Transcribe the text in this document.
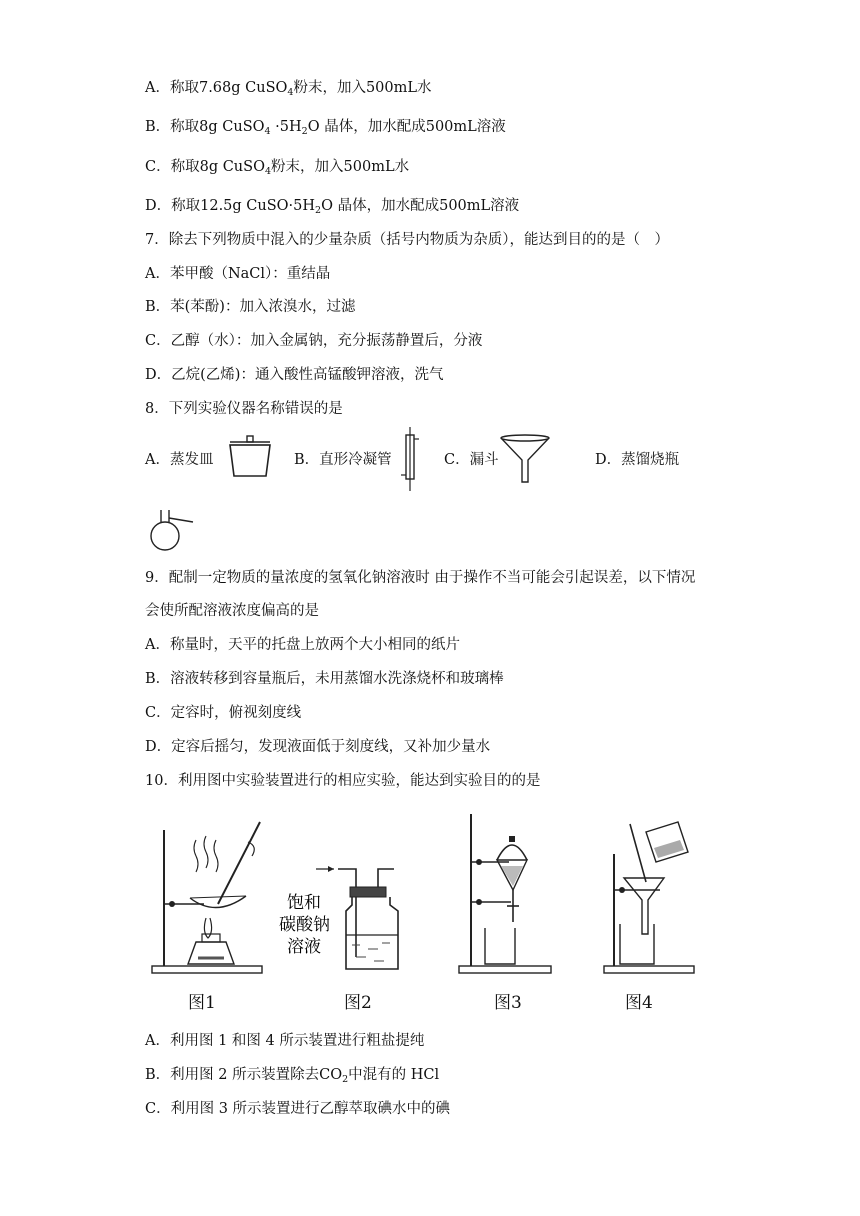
A．称取7.68g CuSO$_4$粉末，加入500mL水
B．称取8g CuSO$_4$ $\cdot 5H_2O$ 晶体，加水配成500mL溶液
C．称取8g CuSO$_4$粉末，加入500mL水
D．称取12.5g $CuSO\cdot 5H_2O$ 晶体，加水配成500mL溶液
7．除去下列物质中混入的少量杂质（括号内物质为杂质），能达到目的的是（　）
A．苯甲酸（NaCl）：重结晶
B．苯(苯酚)：加入浓溴水，过滤
C．乙醇（水）：加入金属钠，充分振荡静置后，分液
D．乙烷(乙烯)：通入酸性高锰酸钾溶液，洗气
8．下列实验仪器名称错误的是
A．蒸发皿	B．直形冷凝管	C．漏斗	D．蒸馏烧瓶
9．配制一定物质的量浓度的氢氧化钠溶液时 由于操作不当可能会引起误差，以下情况
会使所配溶液浓度偏高的是
A．称量时，天平的托盘上放两个大小相同的纸片
B．溶液转移到容量瓶后，未用蒸馏水洗涤烧杯和玻璃棒
C．定容时，俯视刻度线
D．定容后摇匀，发现液面低于刻度线，又补加少量水
10．利用图中实验装置进行的相应实验，能达到实验目的的是
饱和
碳酸钠
溶液
图1	图2	图3	图4
A．利用图 1 和图 4 所示装置进行粗盐提纯
B．利用图 2 所示装置除去$CO_2$中混有的 HCl
C．利用图 3 所示装置进行乙醇萃取碘水中的碘
